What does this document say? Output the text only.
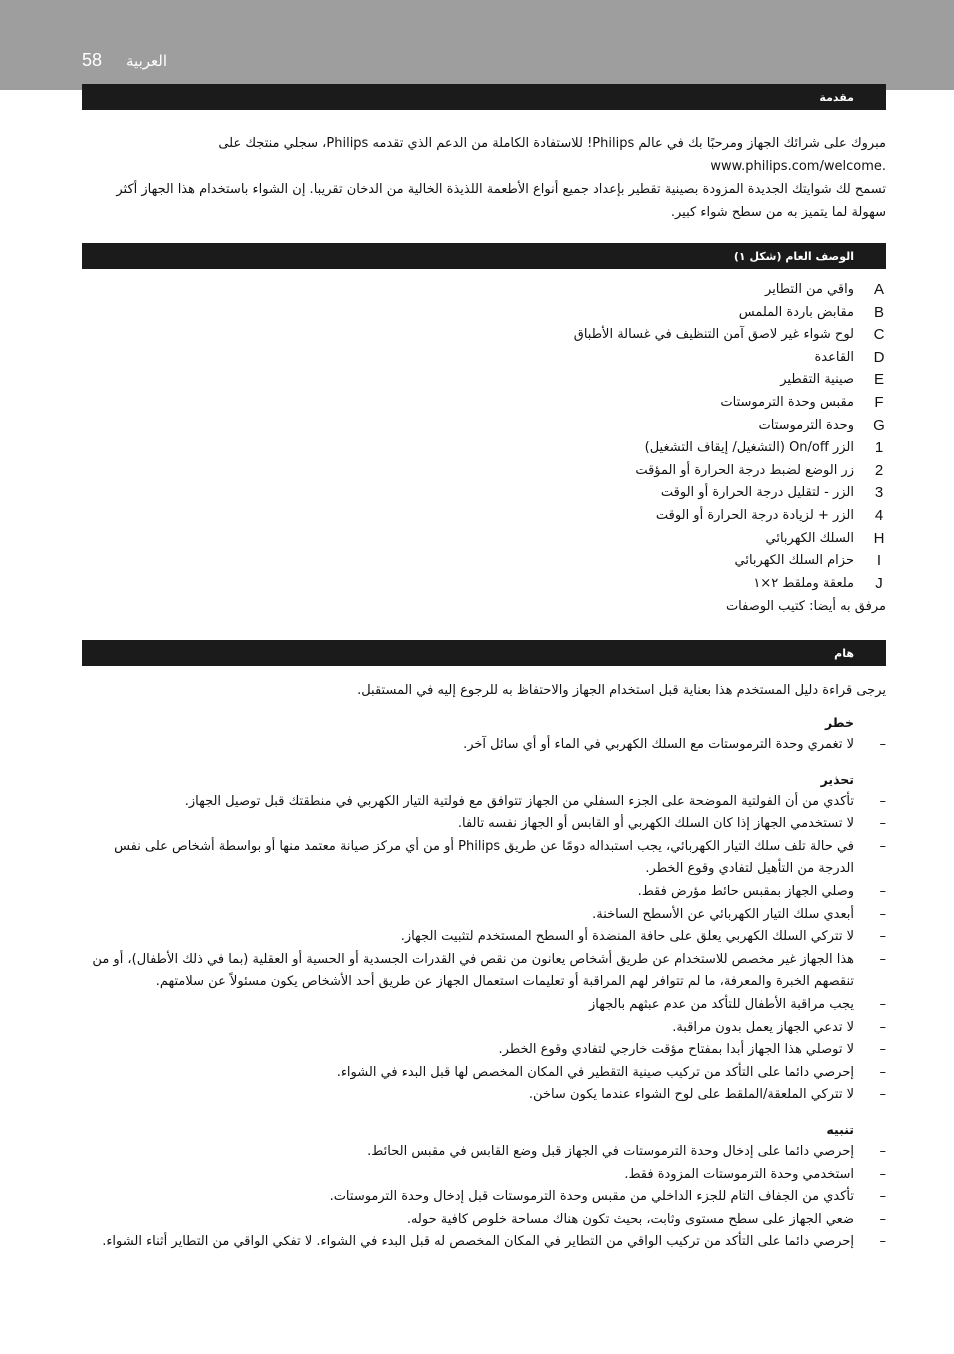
58 العربية
مقدمة
مبروك على شرائك الجهاز ومرحبًا بك في عالم Philips! للاستفادة الكاملة من الدعم الذي تقدمه Philips، سجلي منتجك على
www.philips.com/welcome.
تسمح لك شوايتك الجديدة المزودة بصينية تقطير بإعداد جميع أنواع الأطعمة اللذيذة الخالية من الدخان تقريبا. إن الشواء باستخدام هذا الجهاز أكثر سهولة لما يتميز به من سطح شواء كبير.
الوصف العام (شكل ١)
A
واقي من التطاير
B
مقابض باردة الملمس
C
لوح شواء غير لاصق آمن التنظيف في غسالة الأطباق
D
القاعدة
E
صينية التقطير
F
مقبس وحدة الترموستات
G
وحدة الترموستات
1
الزر On/off (التشغيل/ إيقاف التشغيل)
2
زر الوضع لضبط درجة الحرارة أو المؤقت
3
الزر - لتقليل درجة الحرارة أو الوقت
4
الزر + لزيادة درجة الحرارة أو الوقت
H
السلك الكهربائي
I
حزام السلك الكهربائي
J
ملعقة وملقط ٢×١
مرفق به أيضا: كتيب الوصفات
هام
يرجى قراءة دليل المستخدم هذا بعناية قبل استخدام الجهاز والاحتفاظ به للرجوع إليه في المستقبل.
خطر
–
لا تغمري وحدة الترموستات مع السلك الكهربي في الماء أو أي سائل آخر.
تحذير
–
تأكدي من أن الفولتية الموضحة على الجزء السفلي من الجهاز تتوافق مع فولتية التيار الكهربي في منطقتك قبل توصيل الجهاز.
–
لا تستخدمي الجهاز إذا كان السلك الكهربي أو القابس أو الجهاز نفسه تالفا.
–
في حالة تلف سلك التيار الكهربائي، يجب استبداله دومًا عن طريق Philips أو من أي مركز صيانة معتمد منها أو بواسطة أشخاص على نفس الدرجة من التأهيل لتفادي وقوع الخطر.
–
وصلي الجهاز بمقبس حائط مؤرض فقط.
–
أبعدي سلك التيار الكهربائي عن الأسطح الساخنة.
–
لا تتركي السلك الكهربي يعلق على حافة المنضدة أو السطح المستخدم لتثبيت الجهاز.
–
هذا الجهاز غير مخصص للاستخدام عن طريق أشخاص يعانون من نقص في القدرات الجسدية أو الحسية أو العقلية (بما في ذلك الأطفال)، أو من تنقصهم الخبرة والمعرفة، ما لم تتوافر لهم المراقبة أو تعليمات استعمال الجهاز عن طريق أحد الأشخاص يكون مسئولاً عن سلامتهم.
–
يجب مراقبة الأطفال للتأكد من عدم عبثهم بالجهاز
–
لا تدعي الجهاز يعمل بدون مراقبة.
–
لا توصلي هذا الجهاز أبدا بمفتاح مؤقت خارجي لتفادي وقوع الخطر.
–
إحرصي دائما على التأكد من تركيب صينية التقطير في المكان المخصص لها قبل البدء في الشواء.
–
لا تتركي الملعقة/الملقط على لوح الشواء عندما يكون ساخن.
تنبيه
–
إحرصي دائما على إدخال وحدة الترموستات في الجهاز قبل وضع القابس في مقبس الحائط.
–
استخدمي وحدة الترموستات المزودة فقط.
–
تأكدي من الجفاف التام للجزء الداخلي من مقبس وحدة الترموستات قبل إدخال وحدة الترموستات.
–
ضعي الجهاز على سطح مستوى وثابت، بحيث تكون هناك مساحة خلوص كافية حوله.
–
إحرصي دائما على التأكد من تركيب الواقي من التطاير في المكان المخصص له قبل البدء في الشواء. لا تفكي الواقي من التطاير أثناء الشواء.
